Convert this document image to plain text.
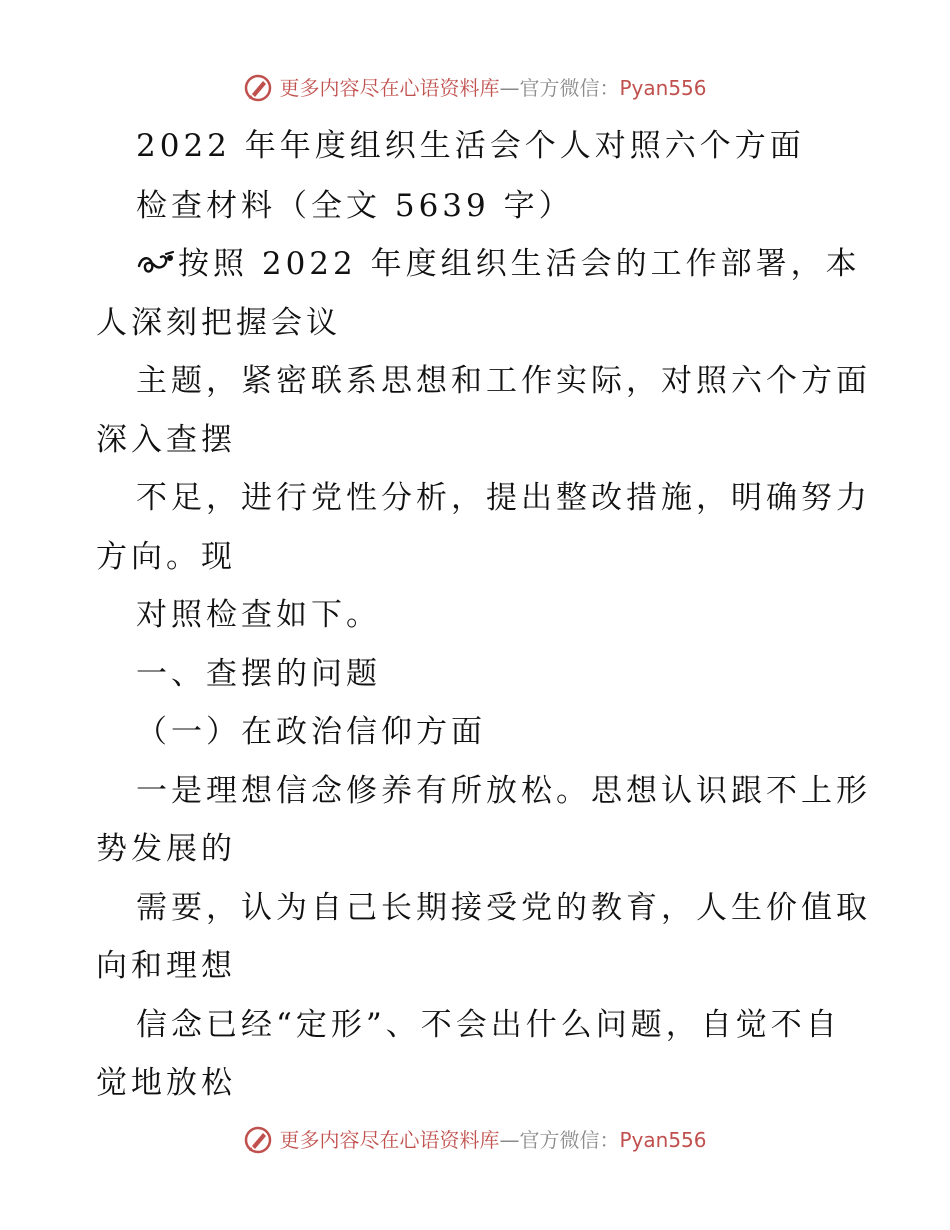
更多内容尽在心语资料库 — 官方微信： Pyan556
2022 年年度组织生活会个人对照六个方面
检查材料（全文 5639 字）
按照 2022 年度组织生活会的工作部署，本
人深刻把握会议
主题，紧密联系思想和工作实际，对照六个方面
深入查摆
不足，进行党性分析，提出整改措施，明确努力
方向。现
对照检查如下。
一、查摆的问题
（一）在政治信仰方面
一是理想信念修养有所放松。思想认识跟不上形
势发展的
需要，认为自己长期接受党的教育，人生价值取
向和理想
信念已经“定形”、不会出什么问题，自觉不自
觉地放松
更多内容尽在心语资料库 — 官方微信： Pyan556
